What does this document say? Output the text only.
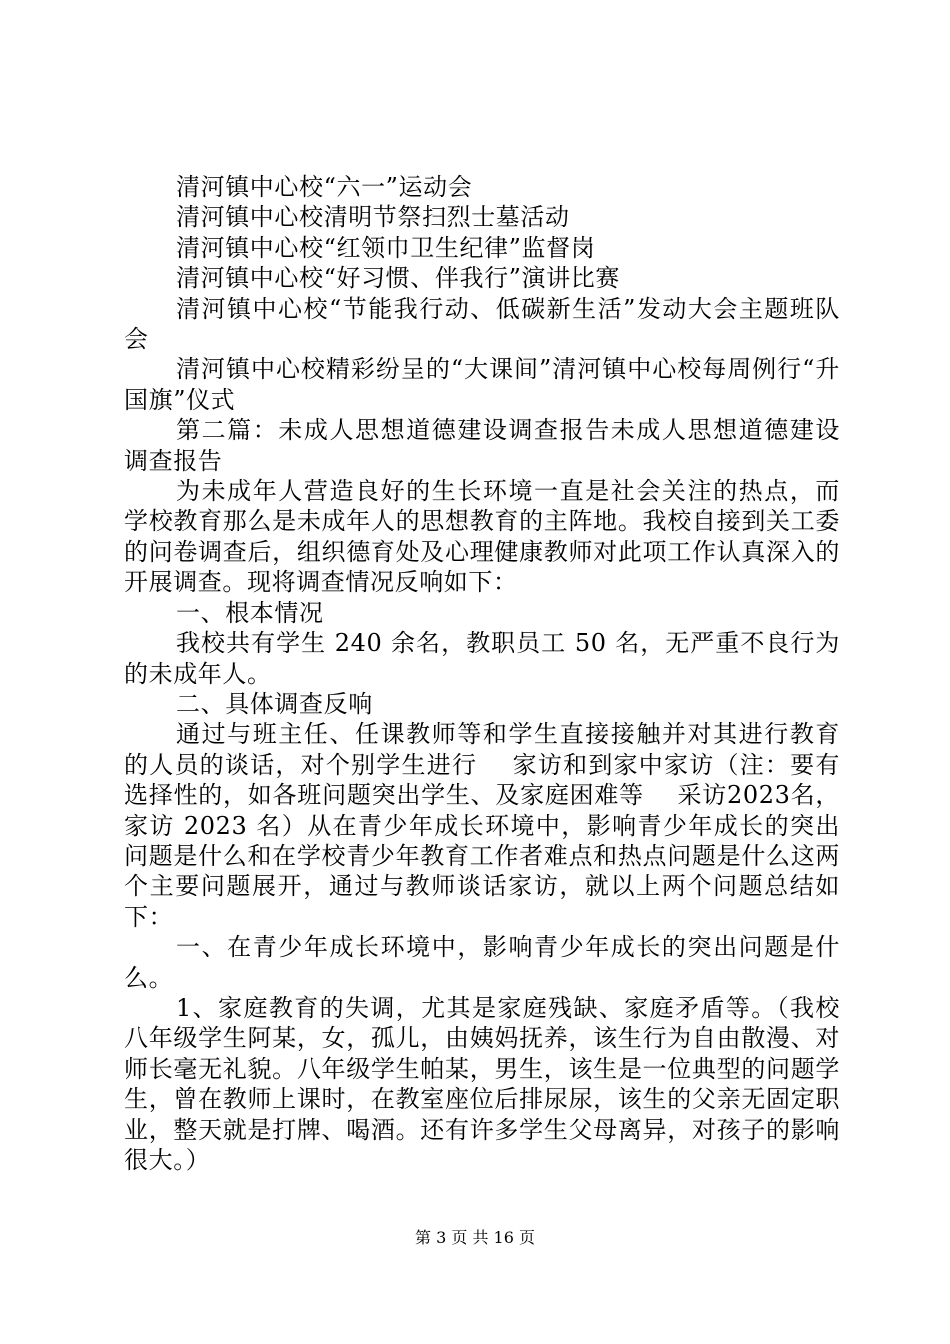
清河镇中心校“六一”运动会

清河镇中心校清明节祭扫烈士墓活动

清河镇中心校“红领巾卫生纪律”监督岗

清河镇中心校“好习惯、伴我行”演讲比赛

清河镇中心校“节能我行动、低碳新生活”发动大会主题班队会

清河镇中心校精彩纷呈的“大课间”清河镇中心校每周例行“升国旗”仪式

第二篇：未成人思想道德建设调查报告未成人思想道德建设调查报告

为未成年人营造良好的生长环境一直是社会关注的热点，而学校教育那么是未成年人的思想教育的主阵地。我校自接到关工委的问卷调查后，组织德育处及心理健康教师对此项工作认真深入的开展调查。现将调查情况反响如下：

一、根本情况

我校共有学生 240 余名，教职员工 50 名，无严重不良行为的未成年人。

二、具体调查反响

通过与班主任、任课教师等和学生直接接触并对其进行教育的人员的谈话，对个别学生进行    家访和到家中家访（注：要有选择性的，如各班问题突出学生、及家庭困难等    采访2023名，家访 2023 名）从在青少年成长环境中，影响青少年成长的突出问题是什么和在学校青少年教育工作者难点和热点问题是什么这两个主要问题展开，通过与教师谈话家访，就以上两个问题总结如下：

一、在青少年成长环境中，影响青少年成长的突出问题是什么。

1、家庭教育的失调，尤其是家庭残缺、家庭矛盾等。（我校八年级学生阿某，女，孤儿，由姨妈抚养，该生行为自由散漫、对师长毫无礼貌。八年级学生帕某，男生，该生是一位典型的问题学生，曾在教师上课时，在教室座位后排尿尿，该生的父亲无固定职业，整天就是打牌、喝酒。还有许多学生父母离异，对孩子的影响很大。）

第 3 页 共 16 页
